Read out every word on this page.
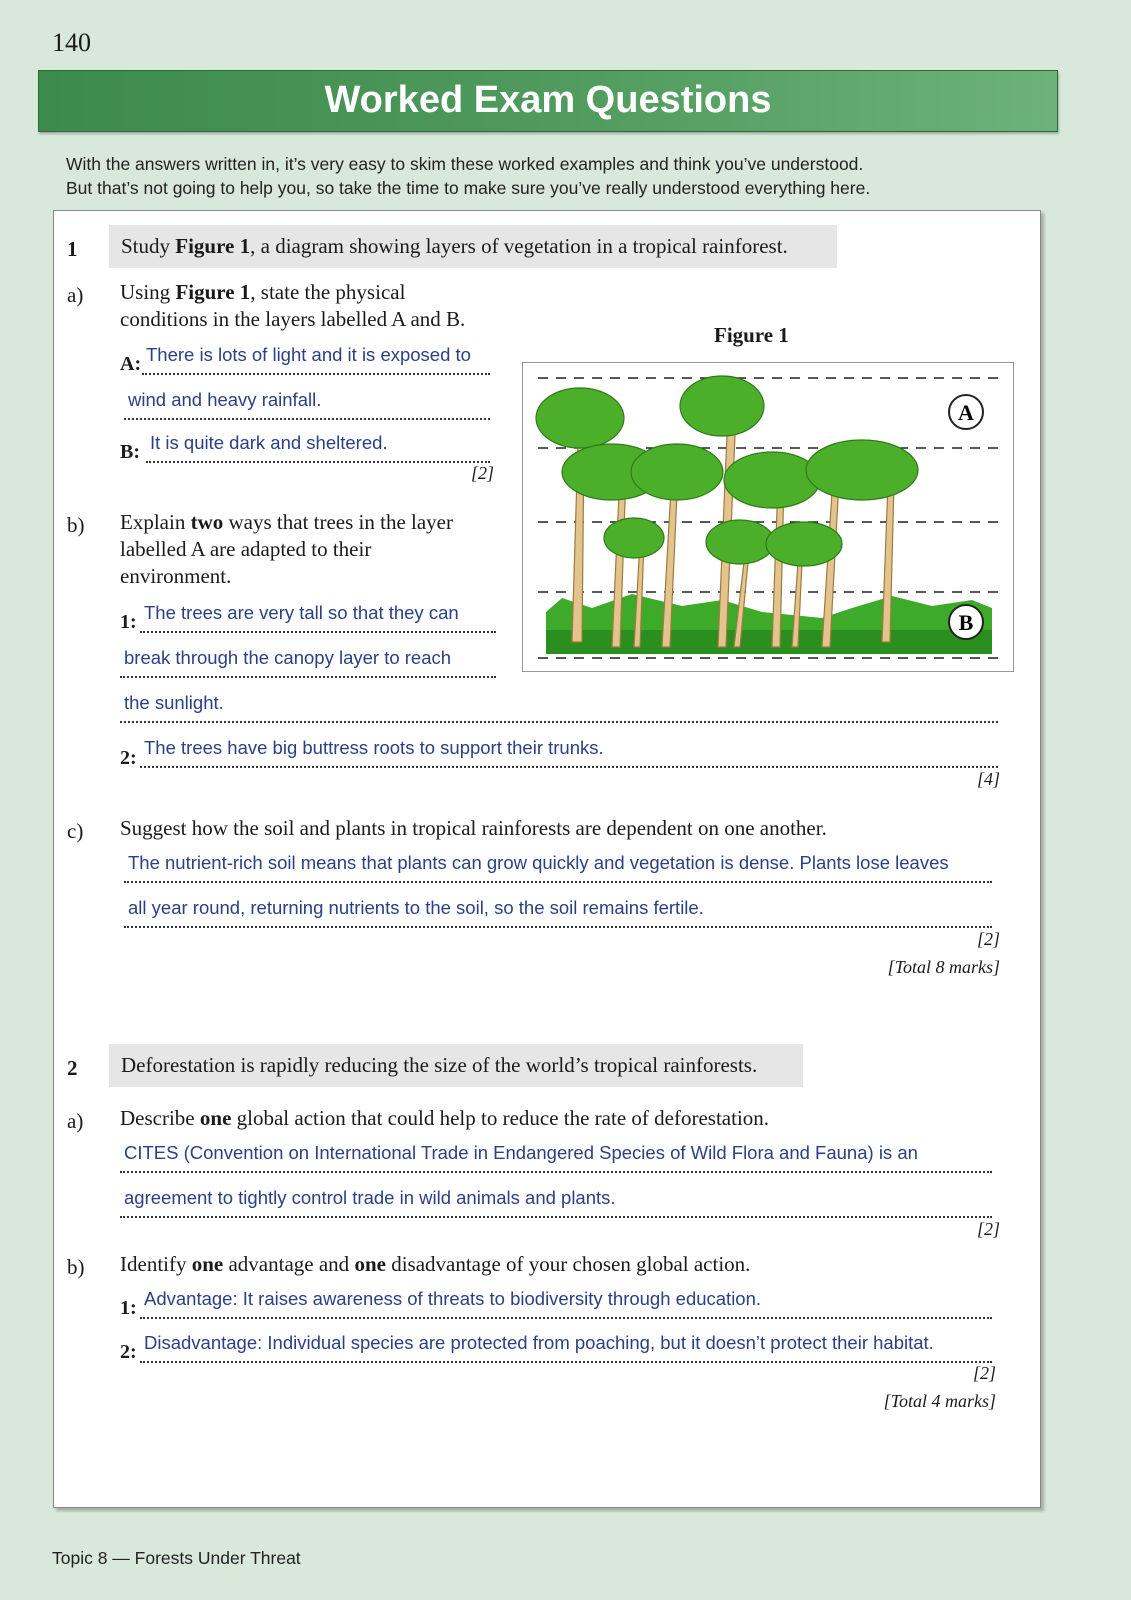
140
Worked Exam Questions
With the answers written in, it’s very easy to skim these worked examples and think you’ve understood.
But that’s not going to help you, so take the time to make sure you’ve really understood everything here.
1	Study Figure 1, a diagram showing layers of vegetation in a tropical rainforest.
a) Using Figure 1, state the physical
conditions in the layers labelled A and B.
A: There is lots of light and it is exposed to
wind and heavy rainfall.
B: It is quite dark and sheltered.
[2]
b) Explain two ways that trees in the layer
labelled A are adapted to their
environment.
1: The trees are very tall so that they can
break through the canopy layer to reach
the sunlight.
2: The trees have big buttress roots to support their trunks.
[4]
c) Suggest how the soil and plants in tropical rainforests are dependent on one another.
The nutrient-rich soil means that plants can grow quickly and vegetation is dense. Plants lose leaves
all year round, returning nutrients to the soil, so the soil remains fertile.
[2]
[Total 8 marks]
Figure 1
2	Deforestation is rapidly reducing the size of the world’s tropical rainforests.
a) Describe one global action that could help to reduce the rate of deforestation.
CITES (Convention on International Trade in Endangered Species of Wild Flora and Fauna) is an
agreement to tightly control trade in wild animals and plants.
[2]
b) Identify one advantage and one disadvantage of your chosen global action.
1: Advantage: It raises awareness of threats to biodiversity through education.
2: Disadvantage: Individual species are protected from poaching, but it doesn’t protect their habitat.
[2]
[Total 4 marks]
A
B
Topic 8 — Forests Under Threat
